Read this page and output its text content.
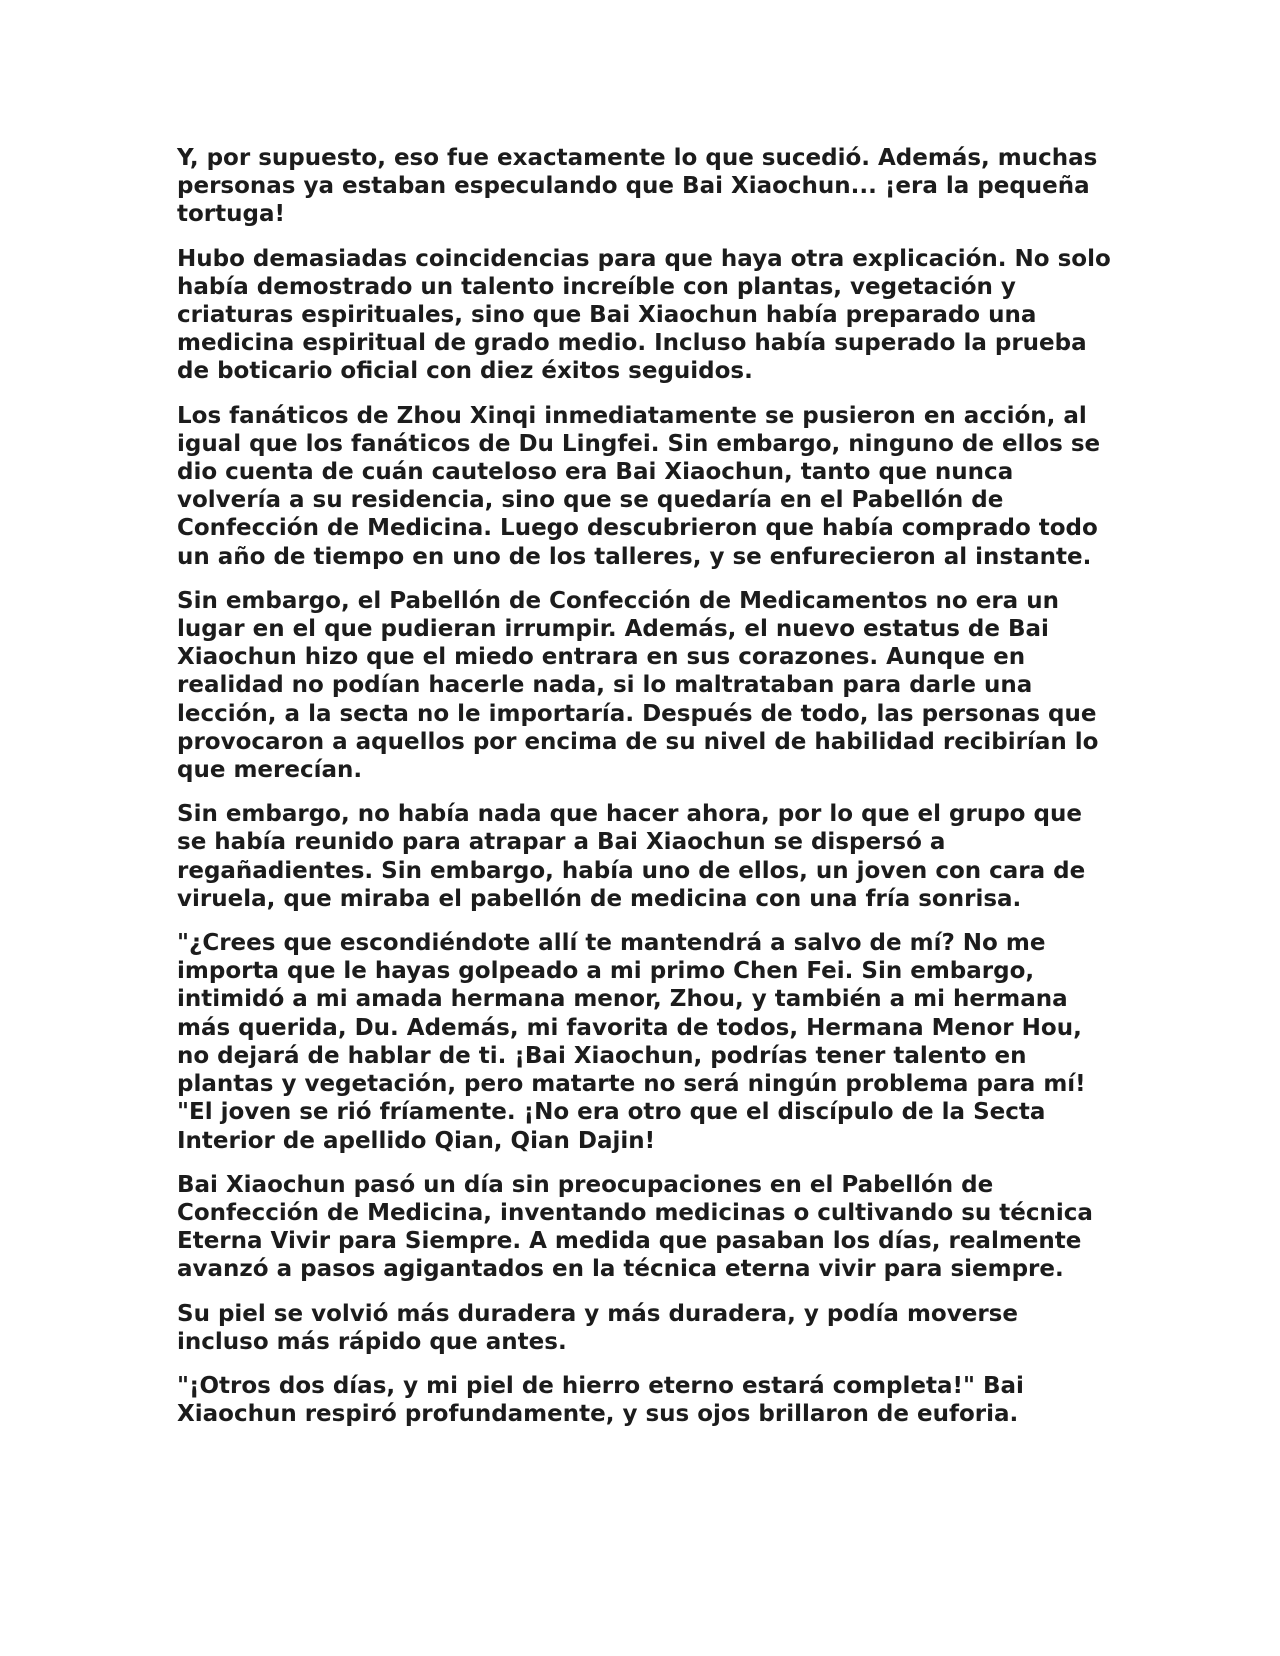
Y, por supuesto, eso fue exactamente lo que sucedió. Además, muchas personas ya estaban especulando que Bai Xiaochun... ¡era la pequeña tortuga!

Hubo demasiadas coincidencias para que haya otra explicación. No solo había demostrado un talento increíble con plantas, vegetación y criaturas espirituales, sino que Bai Xiaochun había preparado una medicina espiritual de grado medio. Incluso había superado la prueba de boticario oficial con diez éxitos seguidos.

Los fanáticos de Zhou Xinqi inmediatamente se pusieron en acción, al igual que los fanáticos de Du Lingfei. Sin embargo, ninguno de ellos se dio cuenta de cuán cauteloso era Bai Xiaochun, tanto que nunca volvería a su residencia, sino que se quedaría en el Pabellón de Confección de Medicina. Luego descubrieron que había comprado todo un año de tiempo en uno de los talleres, y se enfurecieron al instante.

Sin embargo, el Pabellón de Confección de Medicamentos no era un lugar en el que pudieran irrumpir. Además, el nuevo estatus de Bai Xiaochun hizo que el miedo entrara en sus corazones. Aunque en realidad no podían hacerle nada, si lo maltrataban para darle una lección, a la secta no le importaría. Después de todo, las personas que provocaron a aquellos por encima de su nivel de habilidad recibirían lo que merecían.

Sin embargo, no había nada que hacer ahora, por lo que el grupo que se había reunido para atrapar a Bai Xiaochun se dispersó a regañadientes. Sin embargo, había uno de ellos, un joven con cara de viruela, que miraba el pabellón de medicina con una fría sonrisa.

"¿Crees que escondiéndote allí te mantendrá a salvo de mí? No me importa que le hayas golpeado a mi primo Chen Fei. Sin embargo, intimidó a mi amada hermana menor, Zhou, y también a mi hermana más querida, Du. Además, mi favorita de todos, Hermana Menor Hou, no dejará de hablar de ti. ¡Bai Xiaochun, podrías tener talento en plantas y vegetación, pero matarte no será ningún problema para mí! "El joven se rió fríamente. ¡No era otro que el discípulo de la Secta Interior de apellido Qian, Qian Dajin!

Bai Xiaochun pasó un día sin preocupaciones en el Pabellón de Confección de Medicina, inventando medicinas o cultivando su técnica Eterna Vivir para Siempre. A medida que pasaban los días, realmente avanzó a pasos agigantados en la técnica eterna vivir para siempre.

Su piel se volvió más duradera y más duradera, y podía moverse incluso más rápido que antes.

"¡Otros dos días, y mi piel de hierro eterno estará completa!" Bai Xiaochun respiró profundamente, y sus ojos brillaron de euforia.
